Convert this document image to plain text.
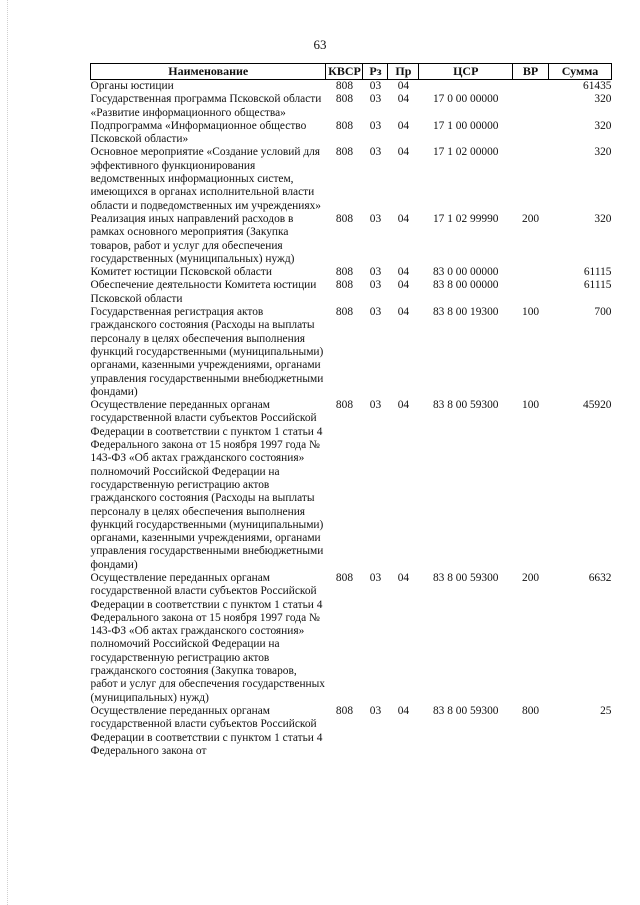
63
Наименование	КВСР	Рз	Пр	ЦСР	ВР	Сумма
Органы юстиции	808	03	04			61435
Государственная программа Псковской области «Развитие информационного общества»	808	03	04	17 0 00 00000		320
Подпрограмма «Информационное общество Псковской области»	808	03	04	17 1 00 00000		320
Основное мероприятие «Создание условий для эффективного функционирования ведомственных информационных систем, имеющихся в органах исполнительной власти области и подведомственных им учреждениях»	808	03	04	17 1 02 00000		320
Реализация иных направлений расходов в рамках основного мероприятия (Закупка товаров, работ и услуг для обеспечения государственных (муниципальных) нужд)	808	03	04	17 1 02 99990	200	320
Комитет юстиции Псковской области	808	03	04	83 0 00 00000		61115
Обеспечение деятельности Комитета юстиции Псковской области	808	03	04	83 8 00 00000		61115
Государственная регистрация актов гражданского состояния (Расходы на выплаты персоналу в целях обеспечения выполнения функций государственными (муниципальными) органами, казенными учреждениями, органами управления государственными внебюджетными фондами)	808	03	04	83 8 00 19300	100	700
Осуществление переданных органам государственной власти субъектов Российской Федерации в соответствии с пунктом 1 статьи 4 Федерального закона от 15 ноября 1997 года № 143-ФЗ «Об актах гражданского состояния» полномочий Российской Федерации на государственную регистрацию актов гражданского состояния (Расходы на выплаты персоналу в целях обеспечения выполнения функций государственными (муниципальными) органами, казенными учреждениями, органами управления государственными внебюджетными фондами)	808	03	04	83 8 00 59300	100	45920
Осуществление переданных органам государственной власти субъектов Российской Федерации в соответствии с пунктом 1 статьи 4 Федерального закона от 15 ноября 1997 года № 143-ФЗ «Об актах гражданского состояния» полномочий Российской Федерации на государственную регистрацию актов гражданского состояния (Закупка товаров, работ и услуг для обеспечения государственных (муниципальных) нужд)	808	03	04	83 8 00 59300	200	6632
Осуществление переданных органам государственной власти субъектов Российской Федерации в соответствии с пунктом 1 статьи 4 Федерального закона от	808	03	04	83 8 00 59300	800	25
